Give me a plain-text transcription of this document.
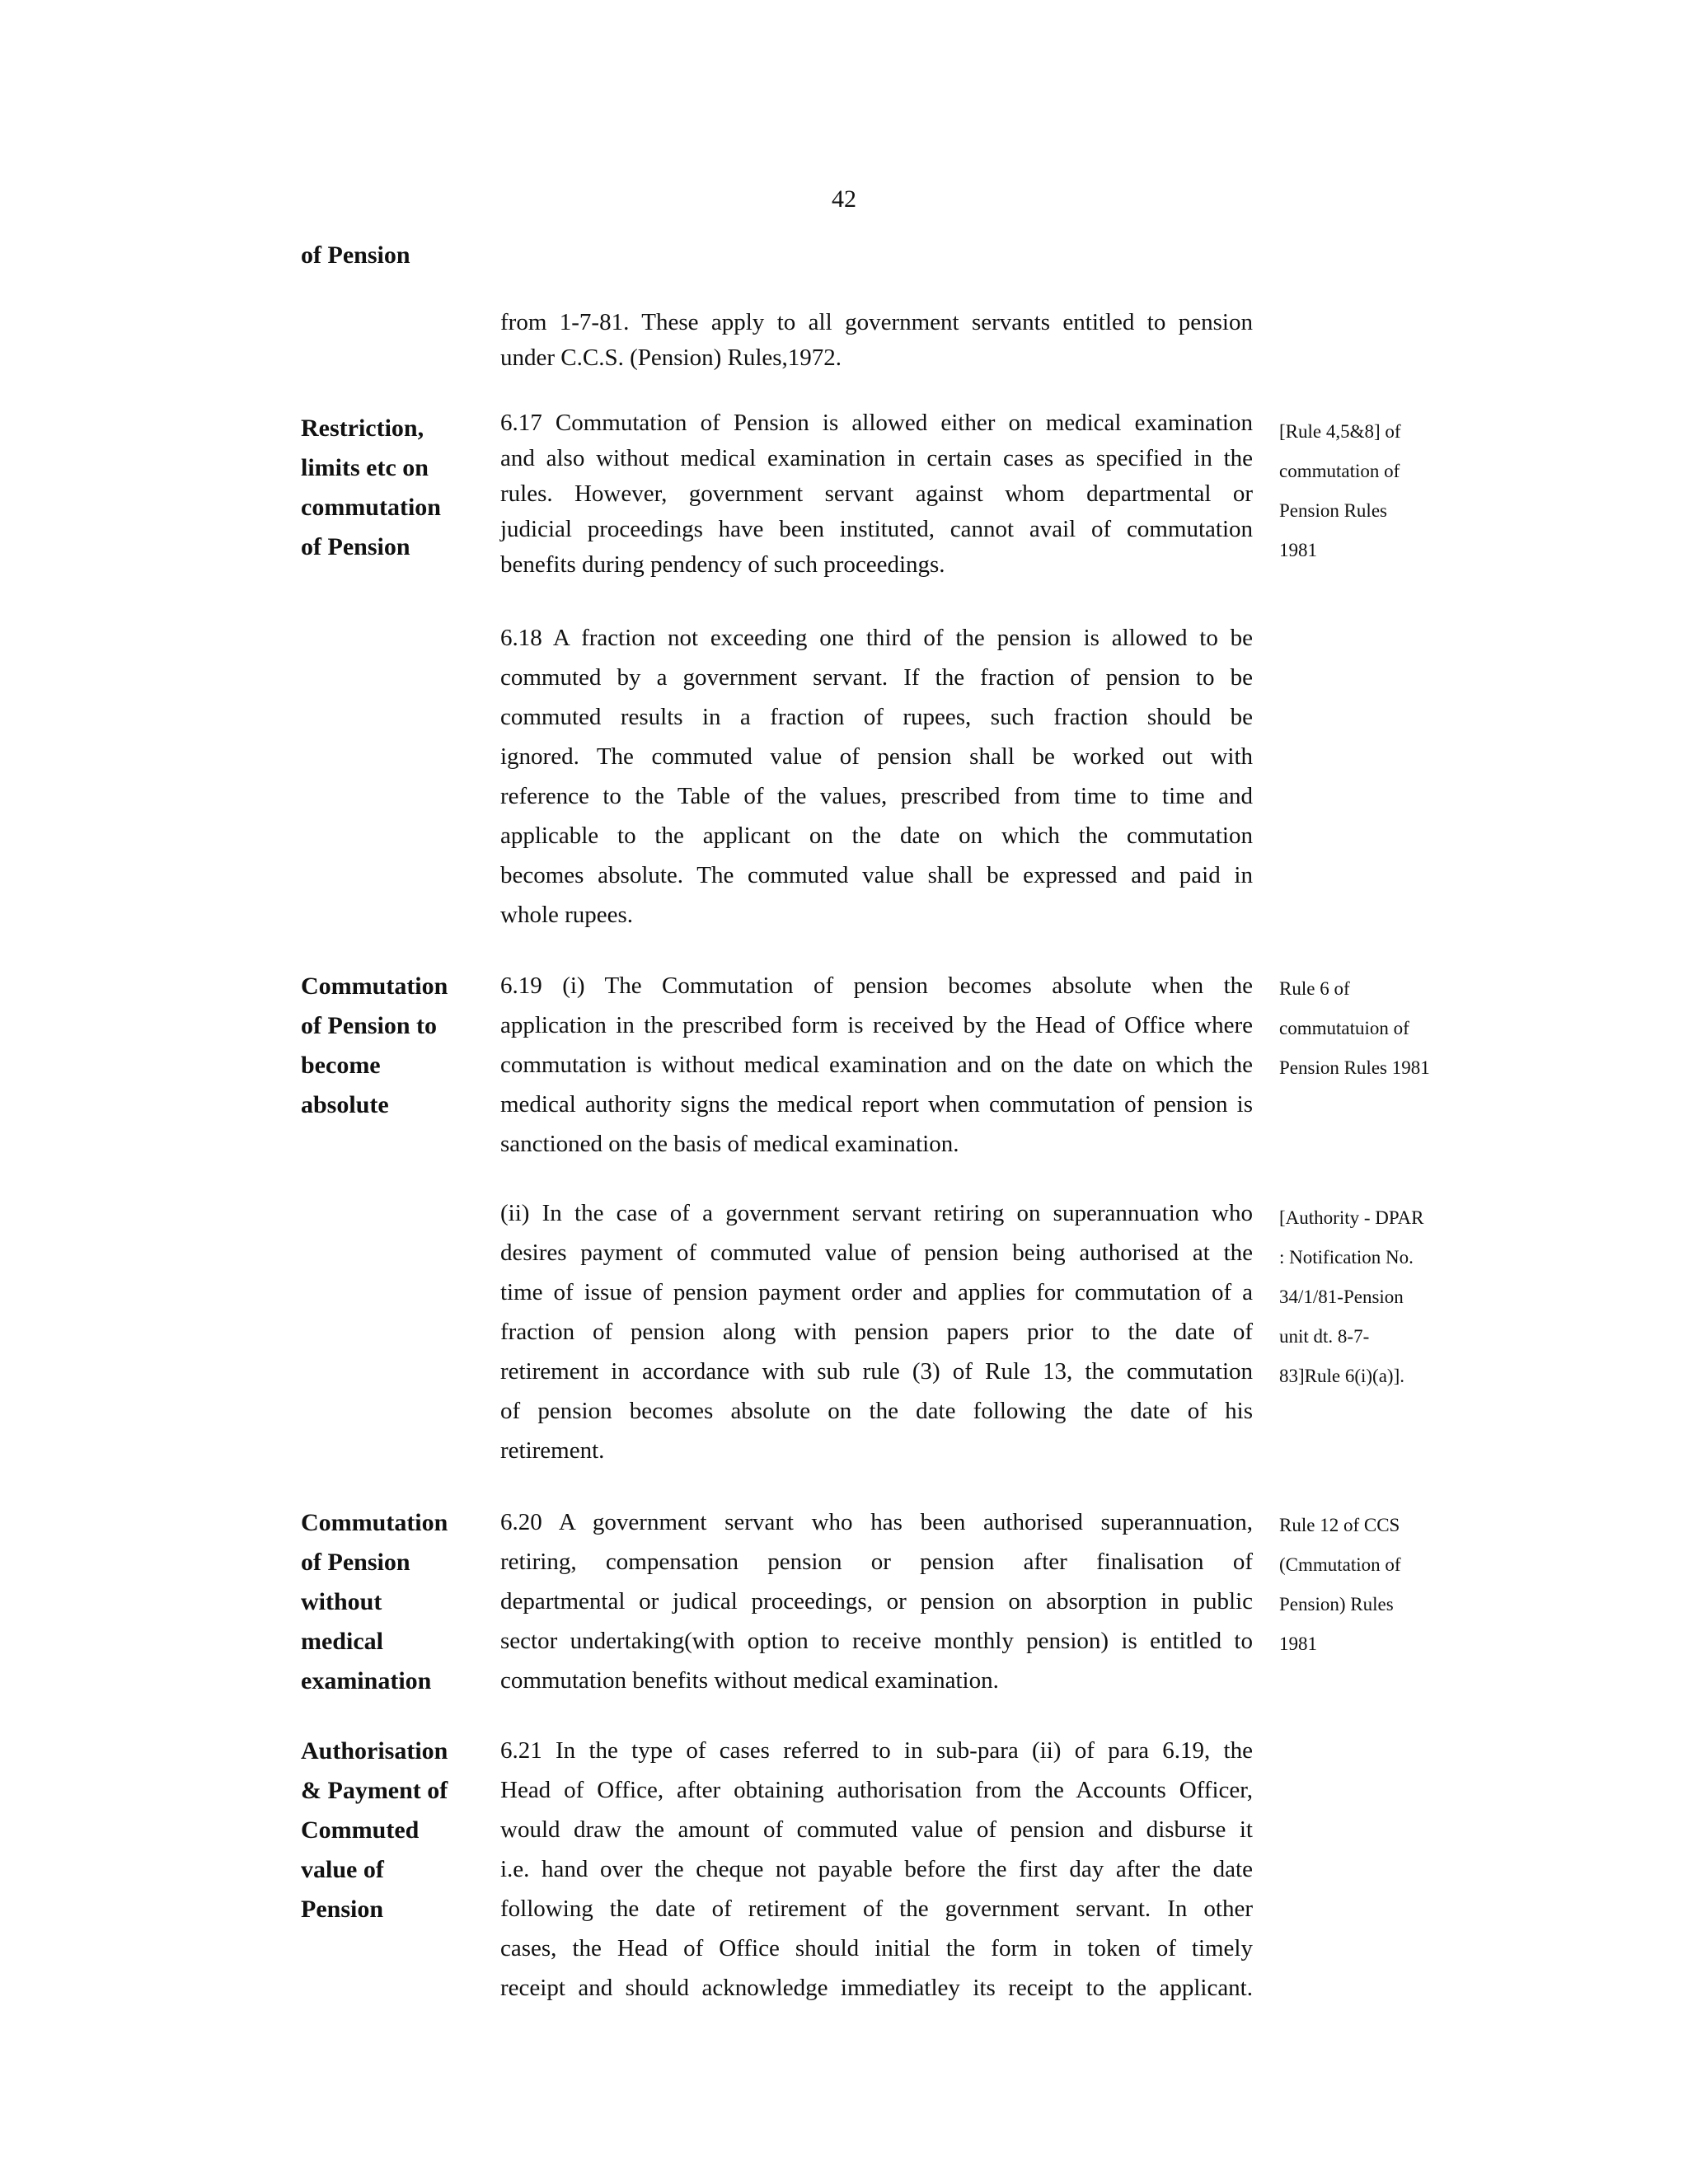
42
of Pension
Restriction,
limits etc on
commutation
of Pension
Commutation
of Pension to
become
absolute
Commutation
of Pension
without
medical
examination
Authorisation
& Payment of
Commuted
value of
Pension
from 1-7-81. These apply to all government servants entitled to pension
under C.C.S. (Pension) Rules,1972.
6.17 Commutation of Pension is allowed either on medical examination
and also without medical examination in certain cases as specified in the
rules. However, government servant against whom departmental or
judicial proceedings have been instituted, cannot avail of commutation
benefits during pendency of such proceedings.
6.18 A fraction not exceeding one third of the pension is allowed to be
commuted by a government servant. If the fraction of pension to be
commuted results in a fraction of rupees, such fraction should be
ignored. The commuted value of pension shall be worked out with
reference to the Table of the values, prescribed from time to time and
applicable to the applicant on the date on which the commutation
becomes absolute. The commuted value shall be expressed and paid in
whole rupees.
6.19 (i) The Commutation of pension becomes absolute when the
application in the prescribed form is received by the Head of Office where
commutation is without medical examination and on the date on which the
medical authority signs the medical report when commutation of pension is
sanctioned on the basis of medical examination.
(ii) In the case of a government servant retiring on superannuation who
desires payment of commuted value of pension being authorised at the
time of issue of pension payment order and applies for commutation of a
fraction of pension along with pension papers prior to the date of
retirement in accordance with sub rule (3) of Rule 13, the commutation
of pension becomes absolute on the date following the date of his
retirement.
6.20 A government servant who has been authorised superannuation,
retiring, compensation pension or pension after finalisation of
departmental or judical proceedings, or pension on absorption in public
sector undertaking(with option to receive monthly pension) is entitled to
commutation benefits without medical examination.
6.21 In the type of cases referred to in sub-para (ii) of para 6.19, the
Head of Office, after obtaining authorisation from the Accounts Officer,
would draw the amount of commuted value of pension and disburse it
i.e. hand over the cheque not payable before the first day after the date
following the date of retirement of the government servant. In other
cases, the Head of Office should initial the form in token of timely
receipt and should acknowledge immediatley its receipt to the applicant.
[Rule 4,5&8] of
commutation of
Pension Rules
1981
Rule 6 of
commutatuion of
Pension Rules 1981
[Authority - DPAR
: Notification No.
34/1/81-Pension
unit dt. 8-7-
83]Rule 6(i)(a)].
Rule 12 of CCS
(Cmmutation of
Pension) Rules
1981
